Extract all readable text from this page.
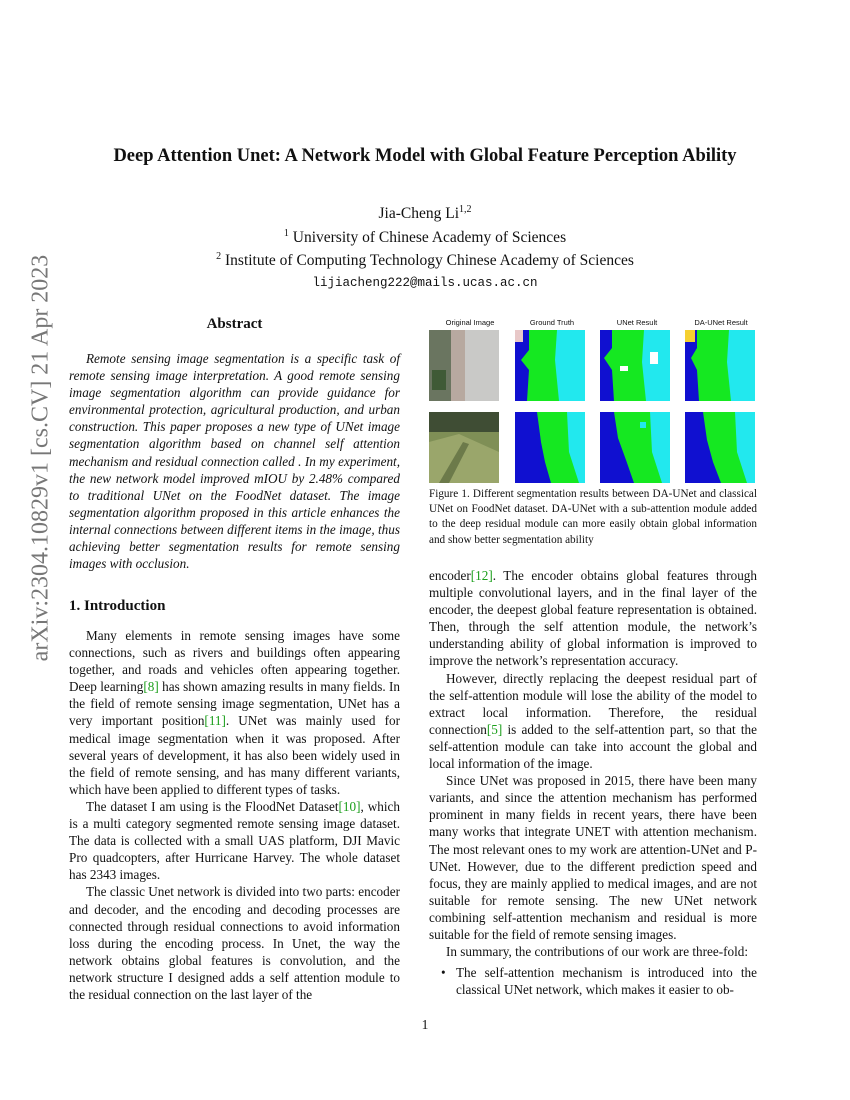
arXiv:2304.10829v1 [cs.CV] 21 Apr 2023
Deep Attention Unet: A Network Model with Global Feature Perception Ability
Jia-Cheng Li$^{1,2}$
$^1$ University of Chinese Academy of Sciences
$^2$ Institute of Computing Technology Chinese Academy of Sciences
lijiacheng222@mails.ucas.ac.cn
Abstract

Remote sensing image segmentation is a specific task of remote sensing image interpretation. A good remote sensing image segmentation algorithm can provide guidance for environmental protection, agricultural production, and urban construction. This paper proposes a new type of UNet image segmentation algorithm based on channel self attention mechanism and residual connection called . In my experiment, the new network model improved mIOU by 2.48% compared to traditional UNet on the FoodNet dataset. The image segmentation algorithm proposed in this article enhances the internal connections between different items in the image, thus achieving better segmentation results for remote sensing images with occlusion.

1. Introduction

Many elements in remote sensing images have some connections, such as rivers and buildings often appearing together, and roads and vehicles often appearing together. Deep learning[8] has shown amazing results in many fields. In the field of remote sensing image segmentation, UNet has a very important position[11]. UNet was mainly used for medical image segmentation when it was proposed. After several years of development, it has also been widely used in the field of remote sensing, and has many different variants, which have been applied to different types of tasks.

The dataset I am using is the FloodNet Dataset[10], which is a multi category segmented remote sensing image dataset. The data is collected with a small UAS platform, DJI Mavic Pro quadcopters, after Hurricane Harvey. The whole dataset has 2343 images.

The classic Unet network is divided into two parts: encoder and decoder, and the encoding and decoding processes are connected through residual connections to avoid information loss during the encoding process. In Unet, the way the network obtains global features is convolution, and the network structure I designed adds a self attention module to the residual connection on the last layer of the

Original Image	Ground Truth	UNet Result	DA-UNet Result
Figure 1. Different segmentation results between DA-UNet and classical UNet on FoodNet dataset. DA-UNet with a sub-attention module added to the deep residual module can more easily obtain global information and show better segmentation ability

encoder[12]. The encoder obtains global features through multiple convolutional layers, and in the final layer of the encoder, the deepest global feature representation is obtained. Then, through the self attention module, the network’s understanding ability of global information is improved to improve the network’s representation accuracy.

However, directly replacing the deepest residual part of the self-attention module will lose the ability of the model to extract local information. Therefore, the residual connection[5] is added to the self-attention part, so that the self-attention module can take into account the global and local information of the image.

Since UNet was proposed in 2015, there have been many variants, and since the attention mechanism has performed prominent in many fields in recent years, there have been many works that integrate UNET with attention mechanism. The most relevant ones to my work are attention-UNet and P-UNet. However, due to the different prediction speed and focus, they are mainly applied to medical images, and are not suitable for remote sensing. The new UNet network combining self-attention mechanism and residual is more suitable for the field of remote sensing images.

In summary, the contributions of our work are three-fold:

• The self-attention mechanism is introduced into the classical UNet network, which makes it easier to ob-
1
